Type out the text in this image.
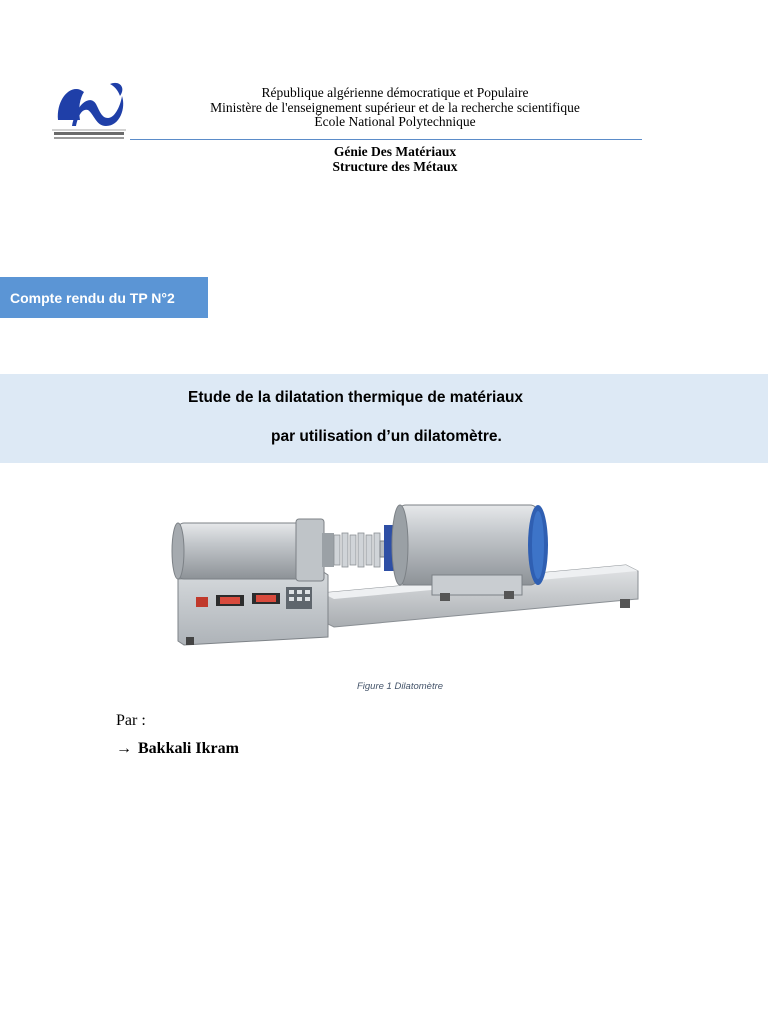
République algérienne démocratique et Populaire
Ministère de l'enseignement supérieur et de la recherche scientifique
École National Polytechnique
Génie Des Matériaux
Structure des Métaux
Compte rendu du TP N°2
Etude de la dilatation thermique de matériaux
par utilisation d’un dilatomètre.
Figure 1 Dilatomètre
Par :
→ Bakkali Ikram
